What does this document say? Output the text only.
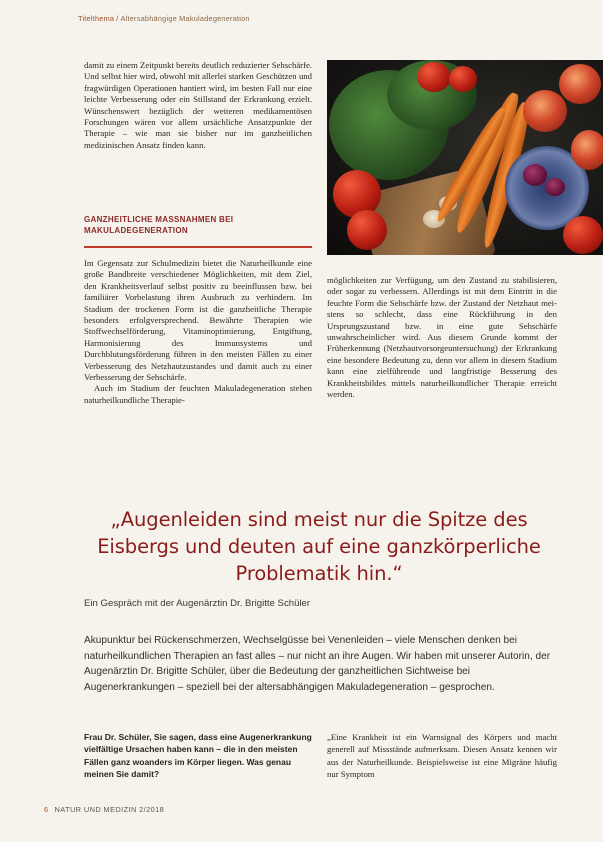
Titelthema / Altersabhängige Makuladegeneration

damit zu einem Zeitpunkt bereits deutlich reduzierter Sehschärfe. Und selbst hier wird, obwohl mit allerlei starken Geschützen und fragwürdigen Operationen hantiert wird, im besten Fall nur eine leichte Verbesserung oder ein Stillstand der Erkrankung erzielt. Wünschenswert bezüglich der weiteren medikamentösen Forschungen wären vor allem ursächliche Ansatzpunkte der Therapie – wie man sie bisher nur im ganzheitlichen medizinischen Ansatz finden kann.

GANZHEITLICHE MASSNAHMEN BEI MAKULADEGENERATION

Im Gegensatz zur Schulmedizin bietet die Naturheilkunde eine große Bandbreite verschiedener Möglichkeiten, mit dem Ziel, den Krankheitsverlauf selbst positiv zu beeinflussen bzw. bei familiärer Vorbelastung ihren Ausbruch zu verhindern. Im Stadium der trockenen Form ist die ganzheitliche Therapie besonders erfolgversprechend. Bewährte Therapien wie Stoffwechselförderung, Vitaminoptimierung, Entgiftung, Harmonisierung des Immunsystems und Durchblutungsförderung führen in den meisten Fällen zu einer Verbesserung des Netzhautzustandes und damit auch zu einer Verbesserung der Sehschärfe.

Auch im Stadium der feuchten Makuladegeneration stehen naturheilkundliche Therapie-

möglichkeiten zur Verfügung, um den Zustand zu stabilisieren, oder sogar zu verbessern. Allerdings ist mit dem Eintritt in die feuchte Form die Sehschärfe bzw. der Zustand der Netzhaut meistens so schlecht, dass eine Rückführung in den Ursprungszustand bzw. in eine gute Sehschärfe unwahrscheinlicher wird. Aus diesem Grunde kommt der Früherkennung (Netzhautvorsorgeuntersuchung) der Erkrankung eine besondere Bedeutung zu, denn vor allem in diesem Stadium kann eine zielführende und langfristige Besserung des Krankheitsbildes mittels naturheilkundlicher Therapie erreicht werden.

„Augenleiden sind meist nur die Spitze des Eisbergs und deuten auf eine ganzkörperliche Problematik hin.“
Ein Gespräch mit der Augenärztin Dr. Brigitte Schüler
Akupunktur bei Rückenschmerzen, Wechselgüsse bei Venenleiden – viele Menschen denken bei naturheilkundlichen Therapien an fast alles – nur nicht an ihre Augen. Wir haben mit unserer Autorin, der Augenärztin Dr. Brigitte Schüler, über die Bedeutung der ganzheitlichen Sichtweise bei Augenerkrankungen – speziell bei der altersabhängigen Makuladegeneration – gesprochen.
Frau Dr. Schüler, Sie sagen, dass eine Augenerkrankung vielfältige Ursachen haben kann – die in den meisten Fällen ganz woanders im Körper liegen. Was genau meinen Sie damit?
„Eine Krankheit ist ein Warnsignal des Körpers und macht generell auf Missstände aufmerksam. Diesen Ansatz kennen wir aus der Naturheilkunde. Beispielsweise ist eine Migräne häufig nur Symptom
6 NATUR UND MEDIZIN 2/2018
